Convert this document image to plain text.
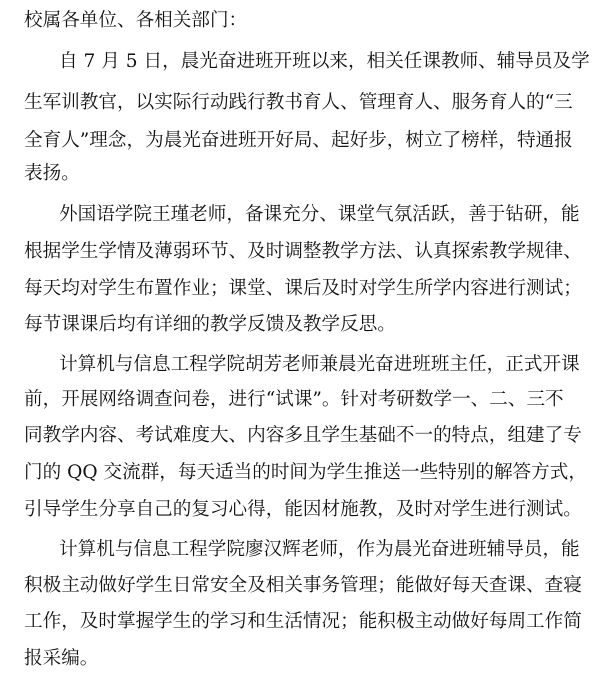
校属各单位、各相关部门：
自 7 月 5 日，晨光奋进班开班以来，相关任课教师、辅导员及学
生军训教官，以实际行动践行教书育人、管理育人、服务育人的“三
全育人”理念，为晨光奋进班开好局、起好步，树立了榜样，特通报
表扬。
外国语学院王瑾老师，备课充分、课堂气氛活跃，善于钻研，能
根据学生学情及薄弱环节、及时调整教学方法、认真探索教学规律、
每天均对学生布置作业；课堂、课后及时对学生所学内容进行测试；
每节课课后均有详细的教学反馈及教学反思。
计算机与信息工程学院胡芳老师兼晨光奋进班班主任，正式开课
前，开展网络调查问卷，进行“试课”。针对考研数学一、二、三不
同教学内容、考试难度大、内容多且学生基础不一的特点，组建了专
门的 QQ 交流群，每天适当的时间为学生推送一些特别的解答方式，
引导学生分享自己的复习心得，能因材施教，及时对学生进行测试。
计算机与信息工程学院廖汉辉老师，作为晨光奋进班辅导员，能
积极主动做好学生日常安全及相关事务管理；能做好每天查课、查寝
工作，及时掌握学生的学习和生活情况；能积极主动做好每周工作简
报采编。
